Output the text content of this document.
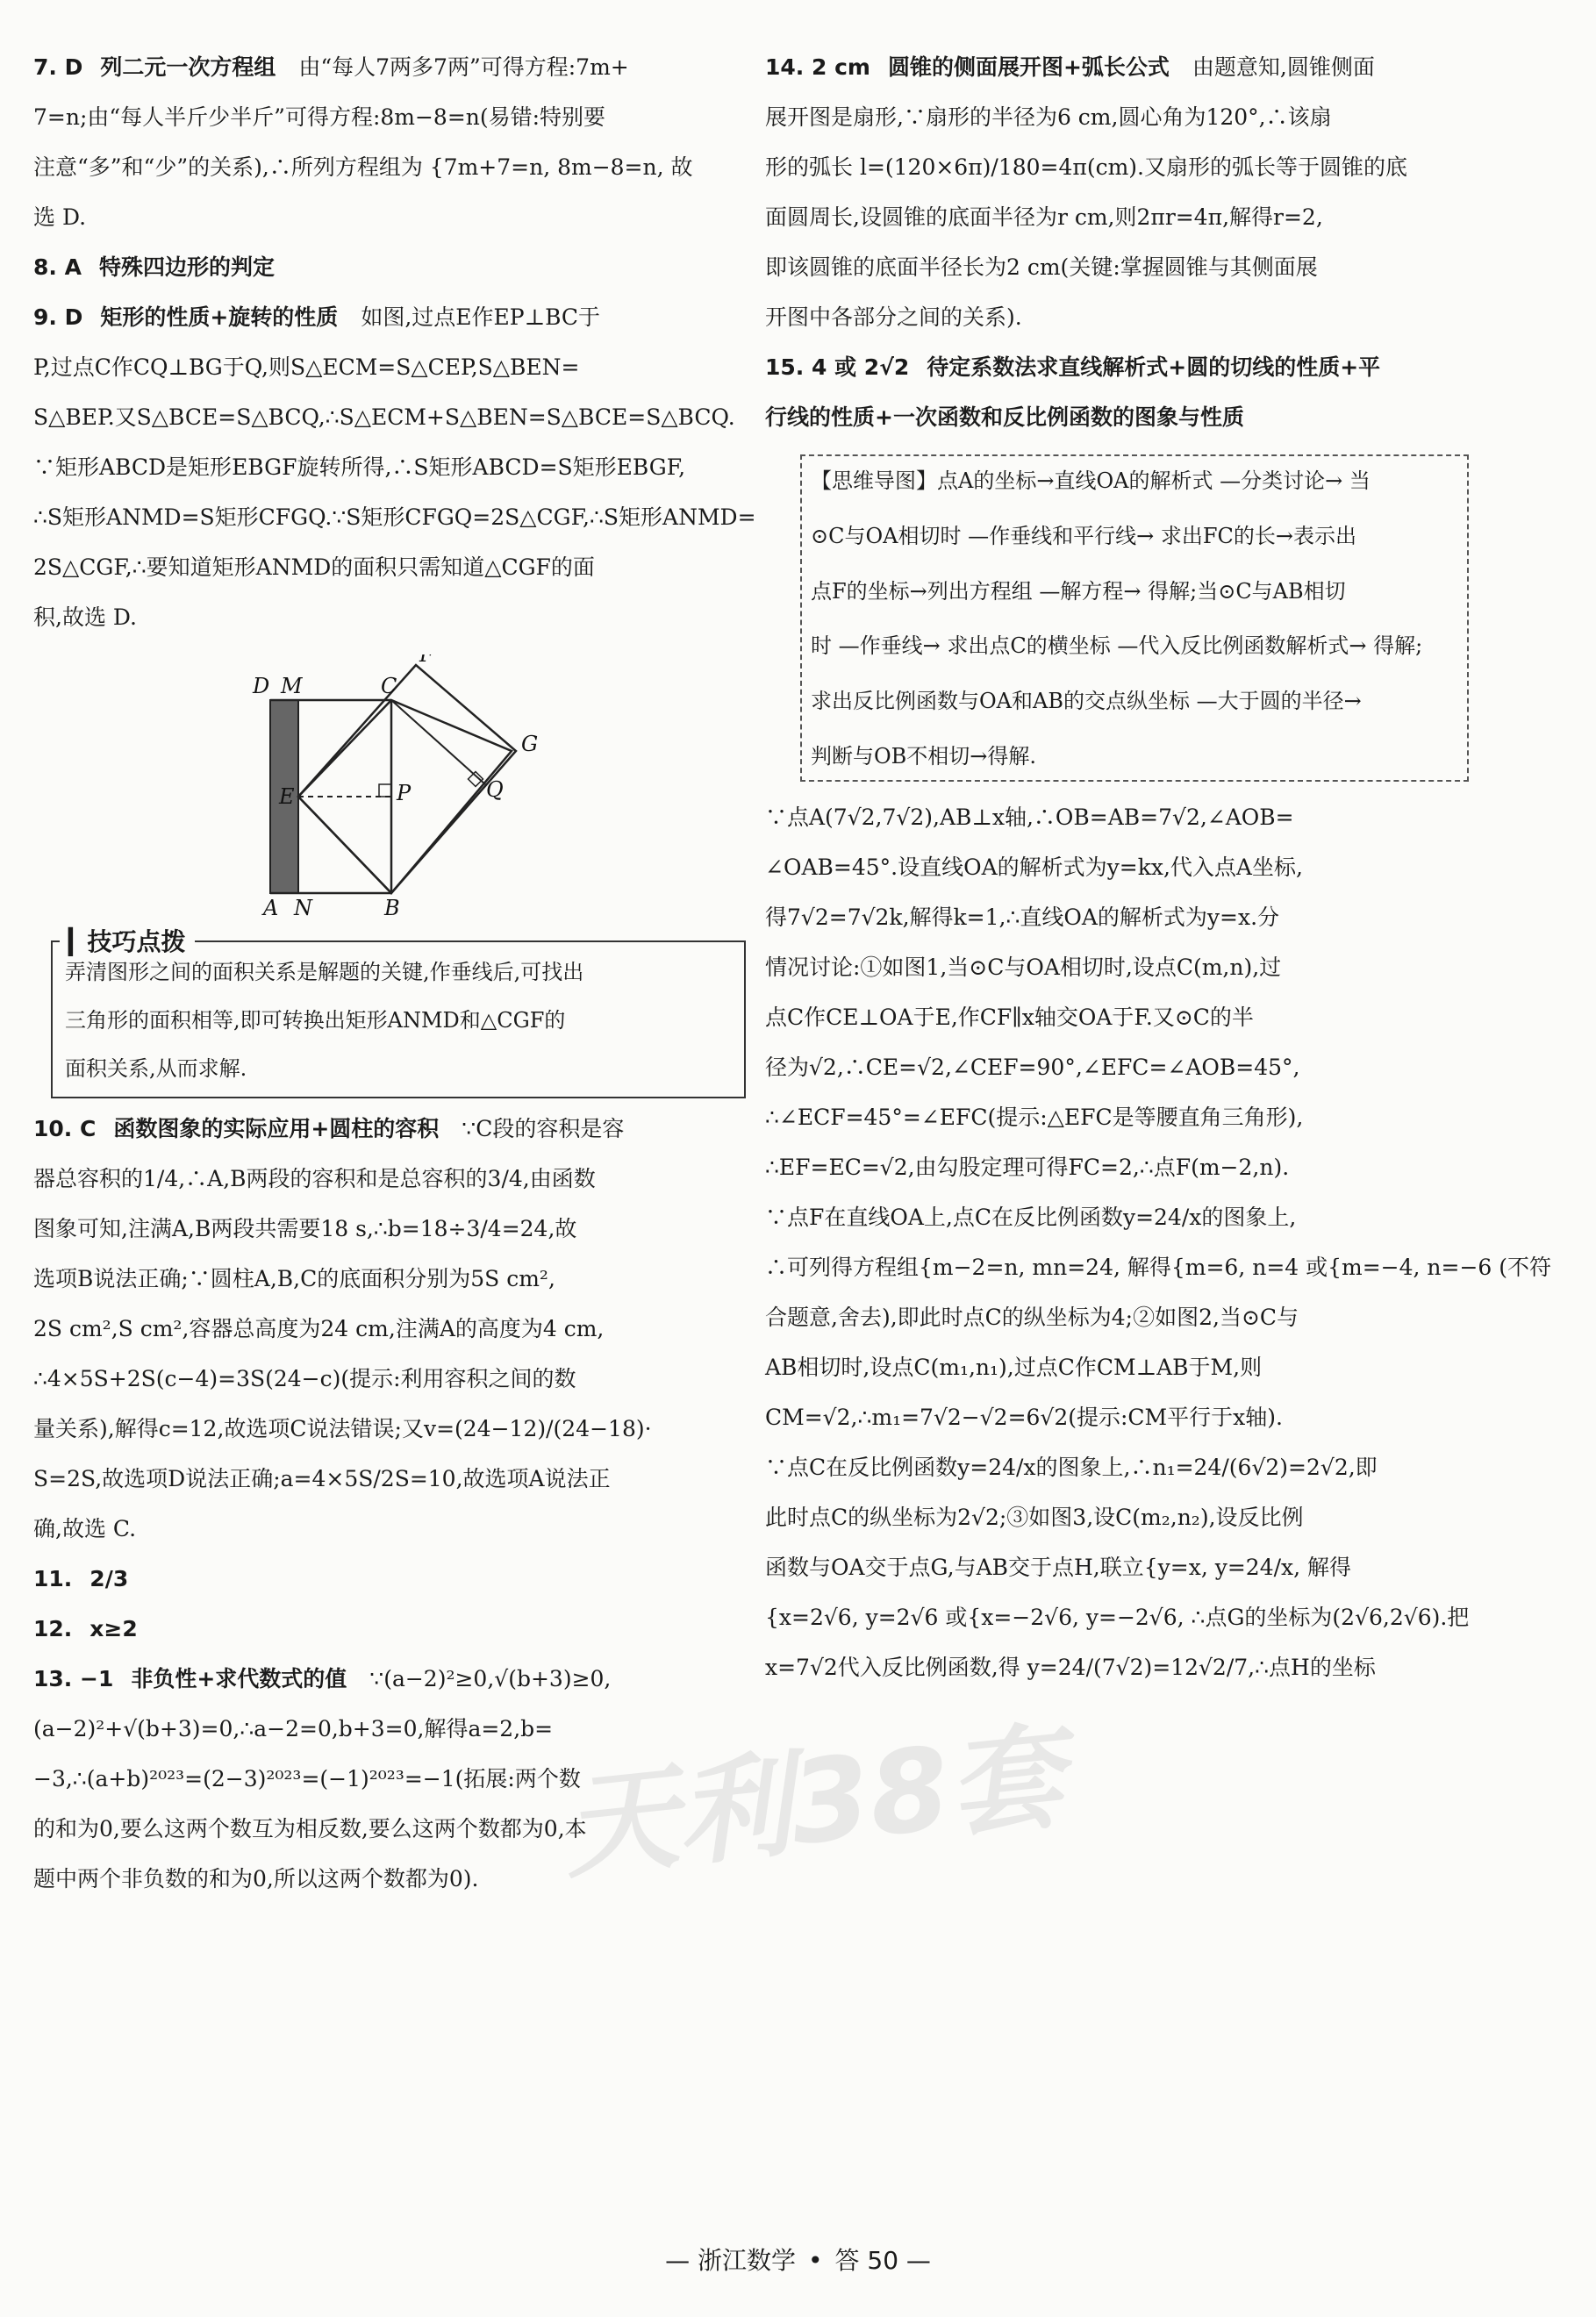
7. D 列二元一次方程组 由“每人7两多7两”可得方程:7m+

7=n;由“每人半斤少半斤”可得方程:8m−8=n(易错:特别要

注意“多”和“少”的关系),∴所列方程组为 {7m+7=n, 8m−8=n, 故

选 D.

8. A 特殊四边形的判定

9. D 矩形的性质+旋转的性质 如图,过点E作EP⊥BC于

P,过点C作CQ⊥BG于Q,则S△ECM=S△CEP,S△BEN=

S△BEP.又S△BCE=S△BCQ,∴S△ECM+S△BEN=S△BCE=S△BCQ.

∵矩形ABCD是矩形EBGF旋转所得,∴S矩形ABCD=S矩形EBGF,

∴S矩形ANMD=S矩形CFGQ.∵S矩形CFGQ=2S△CGF,∴S矩形ANMD=

2S△CGF,∴要知道矩形ANMD的面积只需知道△CGF的面

积,故选 D.

D M	C
F
G
Q
E	P
A N	B
▎技巧点拨

弄清图形之间的面积关系是解题的关键,作垂线后,可找出

三角形的面积相等,即可转换出矩形ANMD和△CGF的

面积关系,从而求解.

10. C 函数图象的实际应用+圆柱的容积 ∵C段的容积是容

器总容积的1/4,∴A,B两段的容积和是总容积的3/4,由函数

图象可知,注满A,B两段共需要18 s,∴b=18÷3/4=24,故

选项B说法正确;∵圆柱A,B,C的底面积分别为5S cm²,

2S cm²,S cm²,容器总高度为24 cm,注满A的高度为4 cm,

∴4×5S+2S(c−4)=3S(24−c)(提示:利用容积之间的数

量关系),解得c=12,故选项C说法错误;又v=(24−12)/(24−18)·

S=2S,故选项D说法正确;a=4×5S/2S=10,故选项A说法正

确,故选 C.

11. 2/3

12. x≥2

13. −1 非负性+求代数式的值 ∵(a−2)²≥0,√(b+3)≥0,

(a−2)²+√(b+3)=0,∴a−2=0,b+3=0,解得a=2,b=

−3,∴(a+b)²⁰²³=(2−3)²⁰²³=(−1)²⁰²³=−1(拓展:两个数

的和为0,要么这两个数互为相反数,要么这两个数都为0,本

题中两个非负数的和为0,所以这两个数都为0).

14. 2 cm 圆锥的侧面展开图+弧长公式 由题意知,圆锥侧面

展开图是扇形,∵扇形的半径为6 cm,圆心角为120°,∴该扇

形的弧长 l=(120×6π)/180=4π(cm).又扇形的弧长等于圆锥的底

面圆周长,设圆锥的底面半径为r cm,则2πr=4π,解得r=2,

即该圆锥的底面半径长为2 cm(关键:掌握圆锥与其侧面展

开图中各部分之间的关系).

15. 4 或 2√2 待定系数法求直线解析式+圆的切线的性质+平

行线的性质+一次函数和反比例函数的图象与性质

【思维导图】点A的坐标→直线OA的解析式 —分类讨论→ 当

⊙C与OA相切时 —作垂线和平行线→ 求出FC的长→表示出

点F的坐标→列出方程组 —解方程→ 得解;当⊙C与AB相切

时 —作垂线→ 求出点C的横坐标 —代入反比例函数解析式→ 得解;

求出反比例函数与OA和AB的交点纵坐标 —大于圆的半径→

判断与OB不相切→得解.

∵点A(7√2,7√2),AB⊥x轴,∴OB=AB=7√2,∠AOB=

∠OAB=45°.设直线OA的解析式为y=kx,代入点A坐标,

得7√2=7√2k,解得k=1,∴直线OA的解析式为y=x.分

情况讨论:①如图1,当⊙C与OA相切时,设点C(m,n),过

点C作CE⊥OA于E,作CF∥x轴交OA于F.又⊙C的半

径为√2,∴CE=√2,∠CEF=90°,∠EFC=∠AOB=45°,

∴∠ECF=45°=∠EFC(提示:△EFC是等腰直角三角形),

∴EF=EC=√2,由勾股定理可得FC=2,∴点F(m−2,n).

∵点F在直线OA上,点C在反比例函数y=24/x的图象上,

∴可列得方程组{m−2=n, mn=24, 解得{m=6, n=4 或{m=−4, n=−6 (不符

合题意,舍去),即此时点C的纵坐标为4;②如图2,当⊙C与

AB相切时,设点C(m₁,n₁),过点C作CM⊥AB于M,则

CM=√2,∴m₁=7√2−√2=6√2(提示:CM平行于x轴).

∵点C在反比例函数y=24/x的图象上,∴n₁=24/(6√2)=2√2,即

此时点C的纵坐标为2√2;③如图3,设C(m₂,n₂),设反比例

函数与OA交于点G,与AB交于点H,联立{y=x, y=24/x, 解得

{x=2√6, y=2√6 或{x=−2√6, y=−2√6, ∴点G的坐标为(2√6,2√6).把

x=7√2代入反比例函数,得 y=24/(7√2)=12√2/7,∴点H的坐标

天利38套
— 浙江数学 • 答 50 —
